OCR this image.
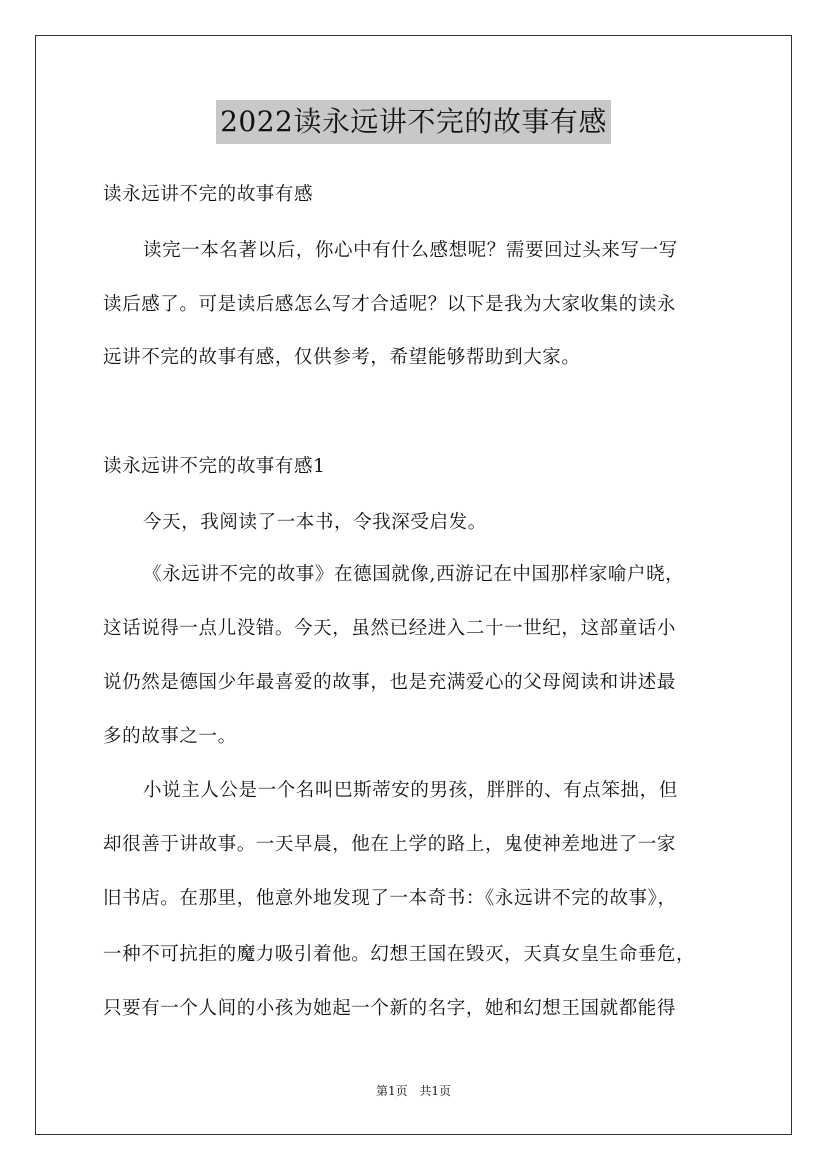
2022读永远讲不完的故事有感
读永远讲不完的故事有感
读完一本名著以后，你心中有什么感想呢？需要回过头来写一写
读后感了。可是读后感怎么写才合适呢？以下是我为大家收集的读永
远讲不完的故事有感，仅供参考，希望能够帮助到大家。
读永远讲不完的故事有感1
今天，我阅读了一本书，令我深受启发。
《永远讲不完的故事》在德国就像,西游记在中国那样家喻户晓，
这话说得一点儿没错。今天，虽然已经进入二十一世纪，这部童话小
说仍然是德国少年最喜爱的故事，也是充满爱心的父母阅读和讲述最
多的故事之一。
小说主人公是一个名叫巴斯蒂安的男孩，胖胖的、有点笨拙，但
却很善于讲故事。一天早晨，他在上学的路上，鬼使神差地进了一家
旧书店。在那里，他意外地发现了一本奇书：《永远讲不完的故事》，
一种不可抗拒的魔力吸引着他。幻想王国在毁灭，天真女皇生命垂危，
只要有一个人间的小孩为她起一个新的名字，她和幻想王国就都能得
第1页 共1页
